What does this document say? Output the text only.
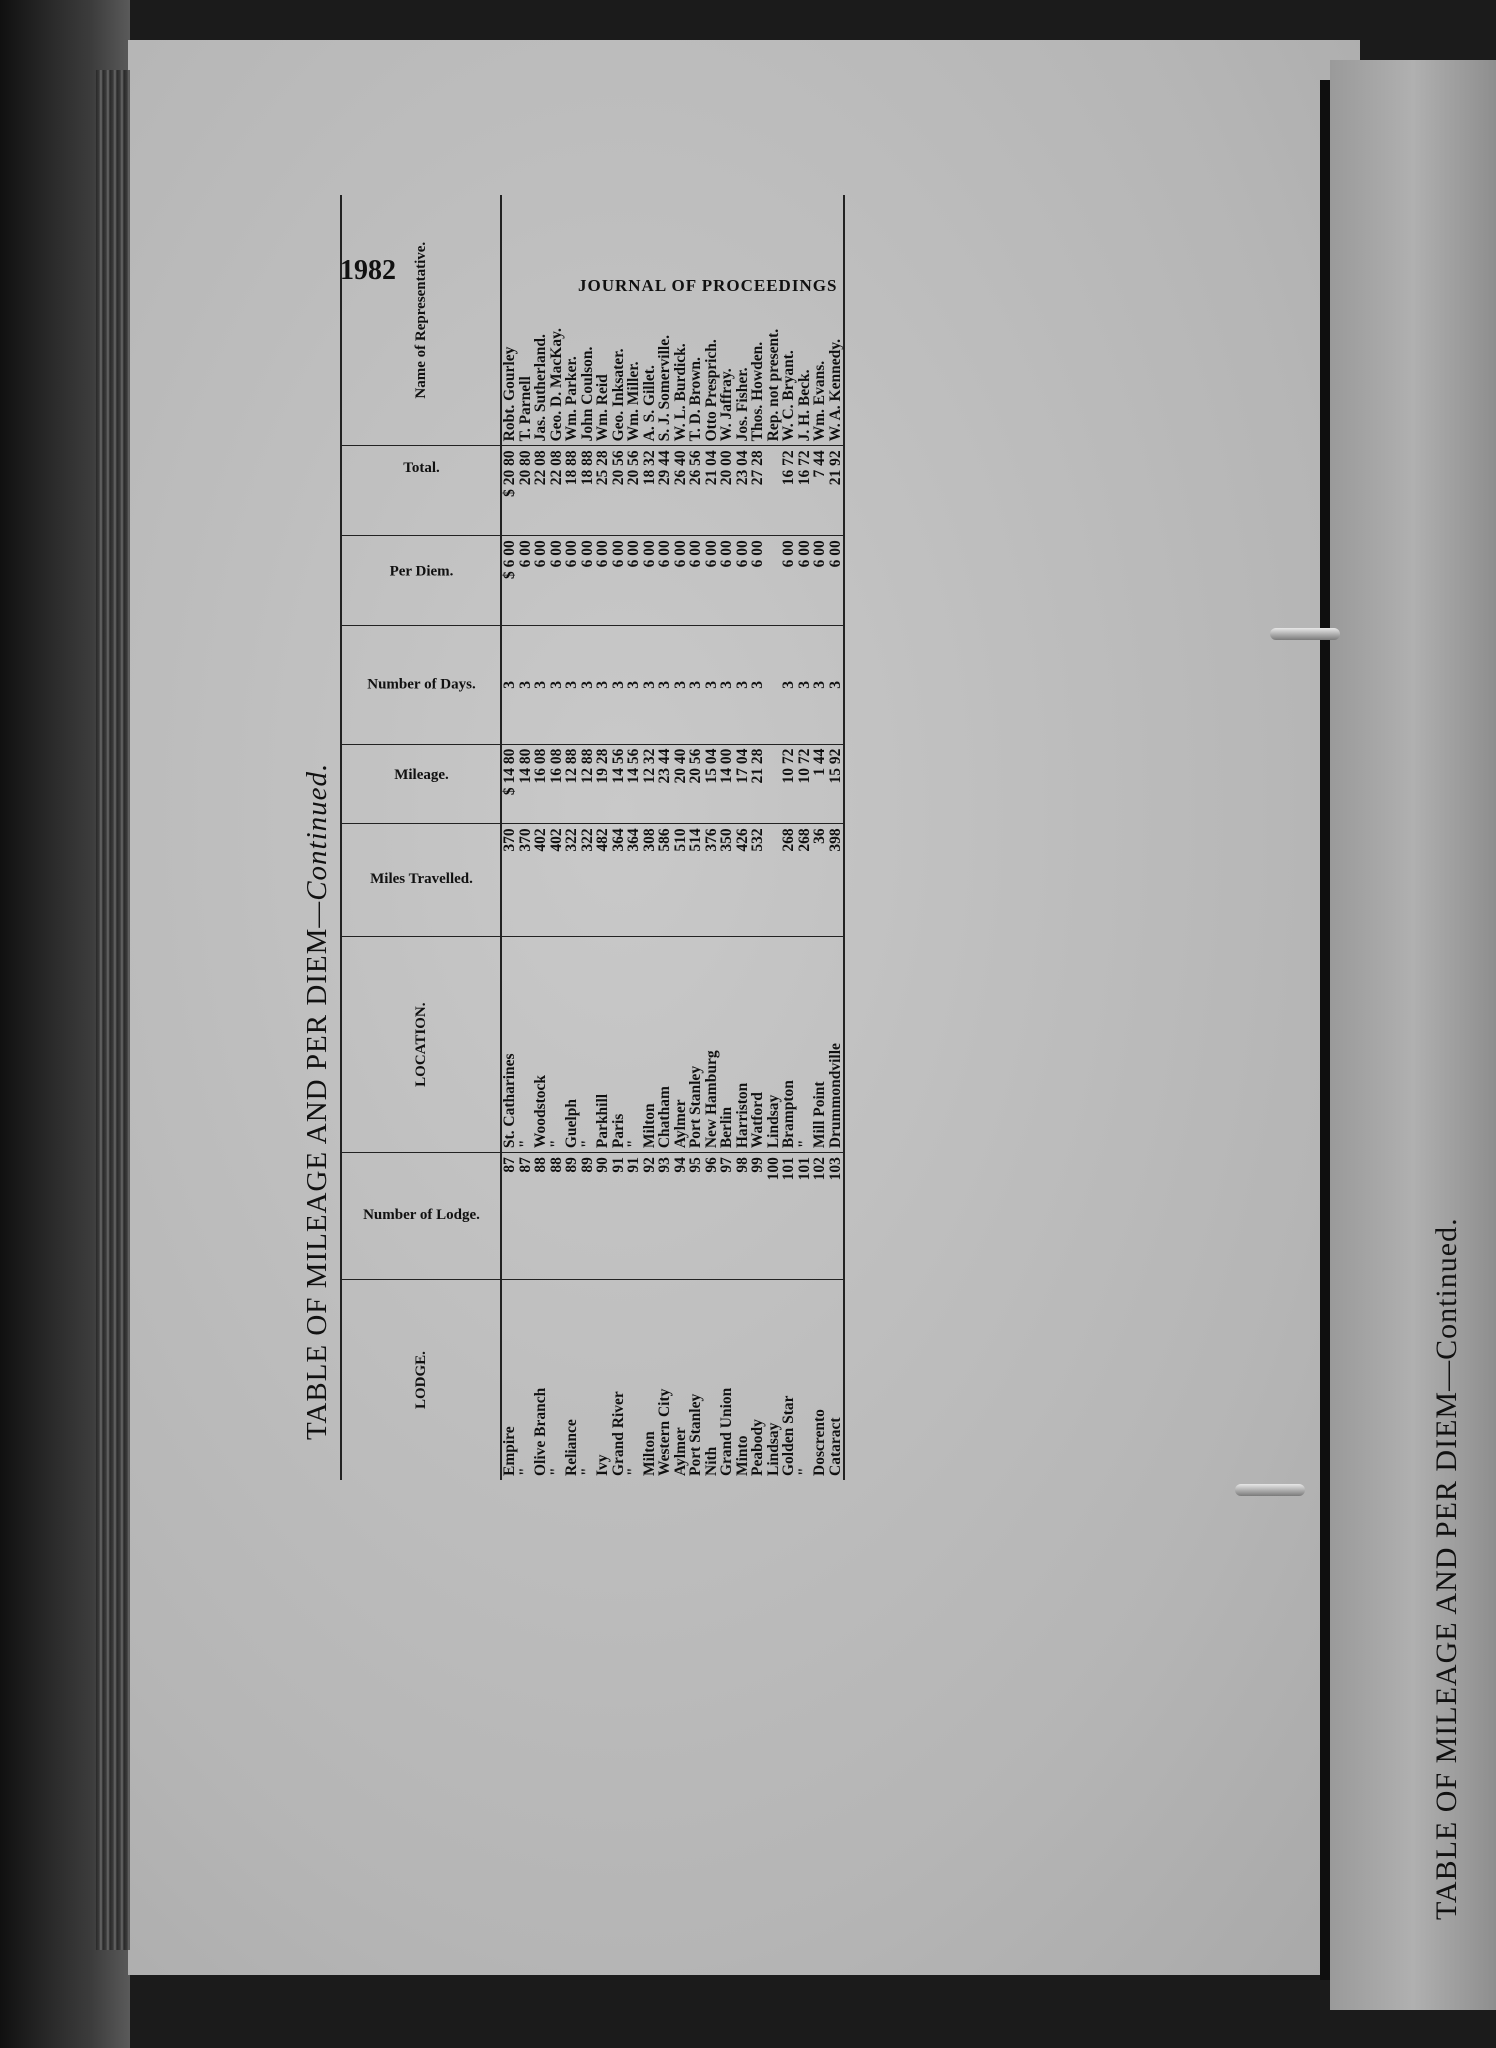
1982	JOURNAL OF PROCEEDINGS
TABLE OF MILEAGE AND PER DIEM—Continued.
LODGE.	Number of Lodge.	LOCATION.	Miles Travelled.	Mileage.	Number of Days.	Per Diem.	Total.	Name of Representative.
Empire	87	St. Catharines	370	$ 14 80	3	$ 6 00	$ 20 80	Robt. Gourley
"	87	"	370	14 80	3	6 00	20 80	T. Parnell
Olive Branch	88	Woodstock	402	16 08	3	6 00	22 08	Jas. Sutherland.
"	88	"	402	16 08	3	6 00	22 08	Geo. D. MacKay.
Reliance	89	Guelph	322	12 88	3	6 00	18 88	Wm. Parker.
"	89	"	322	12 88	3	6 00	18 88	John Coulson.
Ivy	90	Parkhill	482	19 28	3	6 00	25 28	Wm. Reid
Grand River	91	Paris	364	14 56	3	6 00	20 56	Geo. Inksater.
"	91	"	364	14 56	3	6 00	20 56	Wm. Miller.
Milton	92	Milton	308	12 32	3	6 00	18 32	A. S. Gillet.
Western City	93	Chatham	586	23 44	3	6 00	29 44	S. J. Somerville.
Aylmer	94	Aylmer	510	20 40	3	6 00	26 40	W. L. Burdick.
Port Stanley	95	Port Stanley	514	20 56	3	6 00	26 56	T. D. Brown.
Nith	96	New Hamburg	376	15 04	3	6 00	21 04	Otto Presprich.
Grand Union	97	Berlin	350	14 00	3	6 00	20 00	W. Jaffray.
Minto	98	Harriston	426	17 04	3	6 00	23 04	Jos. Fisher.
Peabody	99	Watford	532	21 28	3	6 00	27 28	Thos. Howden.
Lindsay	100	Lindsay						Rep. not present.
Golden Star	101	Brampton	268	10 72	3	6 00	16 72	W. C. Bryant.
"	101	"	268	10 72	3	6 00	16 72	J. H. Beck.
Doscrento	102	Mill Point	36	1 44	3	6 00	7 44	Wm. Evans.
Cataract	103	Drummondville	398	15 92	3	6 00	21 92	W. A. Kennedy.
TABLE OF MILEAGE AND PER DIEM—Continued.
